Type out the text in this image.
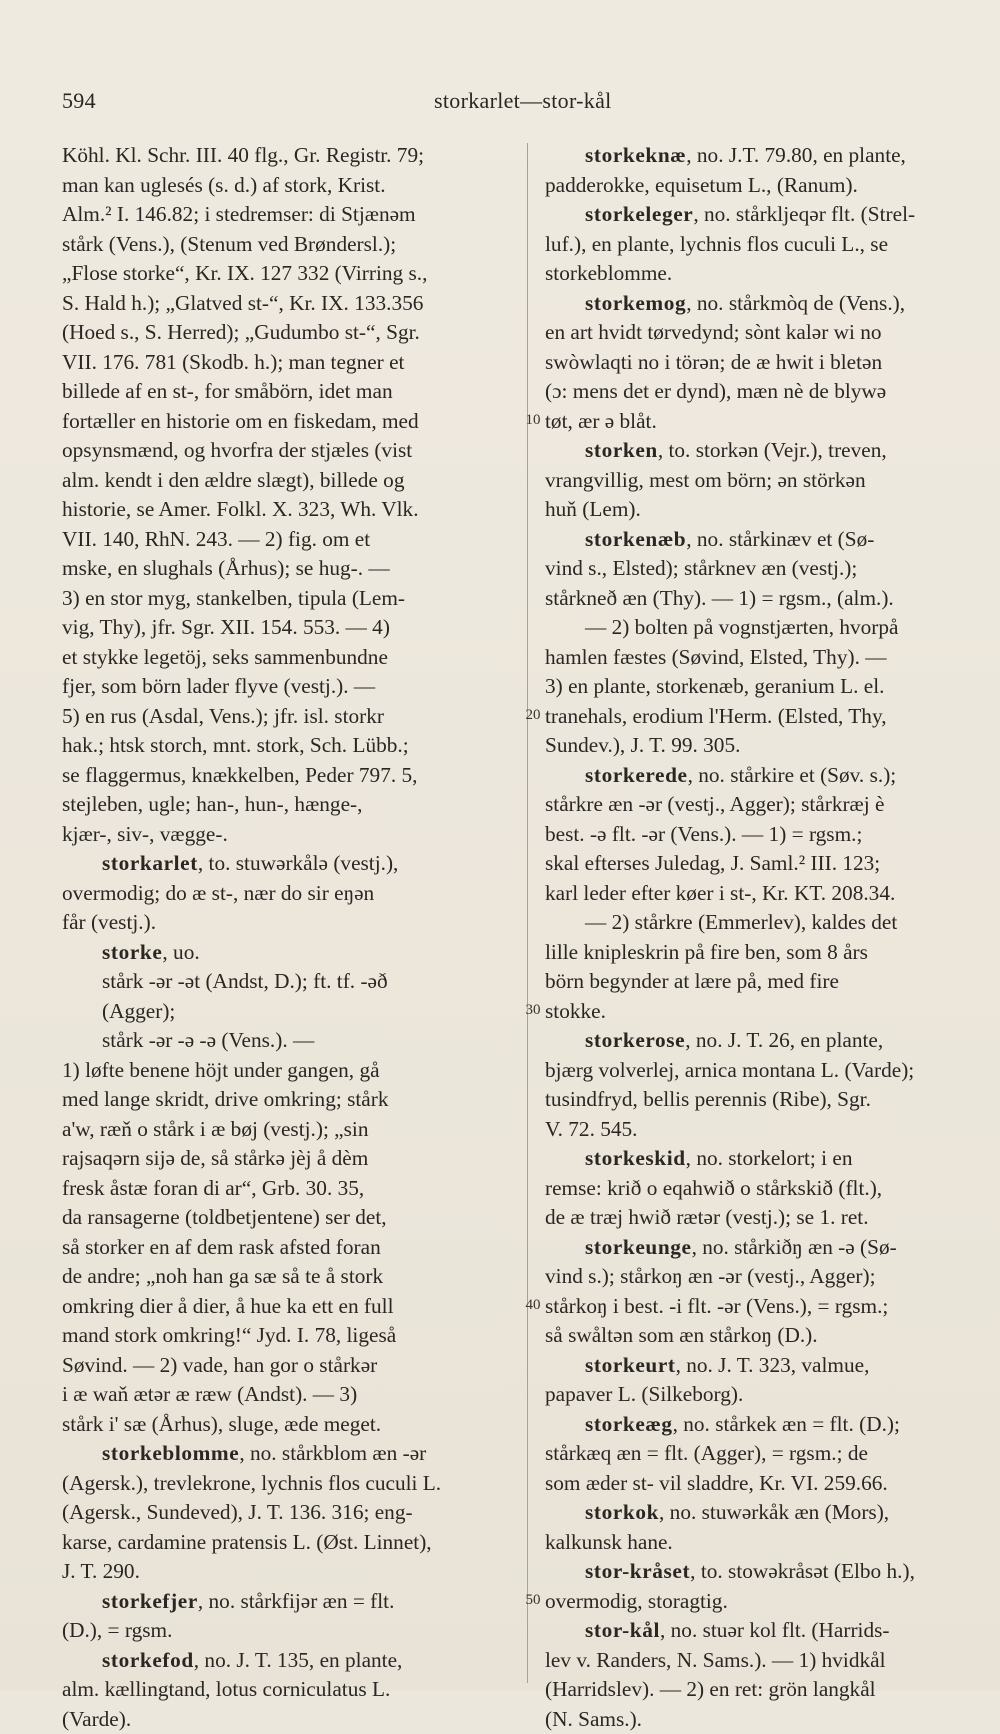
594	storkarlet—stor-kål
Köhl. Kl. Schr. III. 40 flg., Gr. Registr. 79;
man kan uglesés (s. d.) af stork, Krist.
Alm.² I. 146.82; i stedremser: di Stjænəm
stårk (Vens.), (Stenum ved Brøndersl.);
„Flose storke“, Kr. IX. 127 332 (Virring s.,
S. Hald h.); „Glatved st-“, Kr. IX. 133.356
(Hoed s., S. Herred); „Gudumbo st-“, Sgr.
VII. 176. 781 (Skodb. h.); man tegner et
billede af en st-, for småbörn, idet man
fortæller en historie om en fiskedam, med
opsynsmænd, og hvorfra der stjæles (vist
alm. kendt i den ældre slægt), billede og
historie, se Amer. Folkl. X. 323, Wh. Vlk.
VII. 140, RhN. 243. — 2) fig. om et
mske, en slughals (Århus); se hug-. —
3) en stor myg, stankelben, tipula (Lem-
vig, Thy), jfr. Sgr. XII. 154. 553. — 4)
et stykke legetöj, seks sammenbundne
fjer, som börn lader flyve (vestj.). —
5) en rus (Asdal, Vens.); jfr. isl. storkr
hak.; htsk storch, mnt. stork, Sch. Lübb.;
se flaggermus, knækkelben, Peder 797. 5,
stejleben, ugle; han-, hun-, hænge-,
kjær-, siv-, vægge-.
storkarlet, to. stuwərkålə (vestj.),
overmodig; do æ st-, nær do sir eŋən
får (vestj.).
storke, uo.
stårk -ər -ət (Andst, D.); ft. tf. -əð
(Agger);
stårk -ər -ə -ə (Vens.). —
1) løfte benene höjt under gangen, gå
med lange skridt, drive omkring; stårk
a'w, ræň o stårk i æ bøj (vestj.); „sin
rajsaqərn sijə de, så stårkə jèj å dèm
fresk åstæ foran di ar“, Grb. 30. 35,
da ransagerne (toldbetjentene) ser det,
så storker en af dem rask afsted foran
de andre; „noh han ga sæ så te å stork
omkring dier å dier, å hue ka ett en full
mand stork omkring!“ Jyd. I. 78, ligeså
Søvind. — 2) vade, han gor o stårkər
i æ waň ætər æ ræw (Andst). — 3)
stårk i' sæ (Århus), sluge, æde meget.
storkeblomme, no. stårkblom æn -ər
(Agersk.), trevlekrone, lychnis flos cuculi L.
(Agersk., Sundeved), J. T. 136. 316; eng-
karse, cardamine pratensis L. (Øst. Linnet),
J. T. 290.
storkefjer, no. stårkfijər æn = flt.
(D.), = rgsm.
storkefod, no. J. T. 135, en plante,
alm. kællingtand, lotus corniculatus L.
(Varde).
10
20
30
40
50
storkeknæ, no. J.T. 79.80, en plante,
padderokke, equisetum L., (Ranum).
storkeleger, no. stårkljeqər flt. (Strel-
luf.), en plante, lychnis flos cuculi L., se
storkeblomme.
storkemog, no. stårkmòq de (Vens.),
en art hvidt tørvedynd; sònt kalər wi no
swòwlaqti no i törən; de æ hwit i bletən
(ɔ: mens det er dynd), mæn nè de blywə
tøt, ær ə blåt.
storken, to. storkən (Vejr.), treven,
vrangvillig, mest om börn; ən störkən
huň (Lem).
storkenæb, no. stårkinæv et (Sø-
vind s., Elsted); stårknev æn (vestj.);
stårkneð æn (Thy). — 1) = rgsm., (alm.).
— 2) bolten på vognstjærten, hvorpå
hamlen fæstes (Søvind, Elsted, Thy). —
3) en plante, storkenæb, geranium L. el.
tranehals, erodium l'Herm. (Elsted, Thy,
Sundev.), J. T. 99. 305.
storkerede, no. stårkire et (Søv. s.);
stårkre æn -ər (vestj., Agger); stårkræj è
best. -ə flt. -ər (Vens.). — 1) = rgsm.;
skal efterses Juledag, J. Saml.² III. 123;
karl leder efter køer i st-, Kr. KT. 208.34.
— 2) stårkre (Emmerlev), kaldes det
lille knipleskrin på fire ben, som 8 års
börn begynder at lære på, med fire
stokke.
storkerose, no. J. T. 26, en plante,
bjærg volverlej, arnica montana L. (Varde);
tusindfryd, bellis perennis (Ribe), Sgr.
V. 72. 545.
storkeskid, no. storkelort; i en
remse: krið o eqahwið o stårkskið (flt.),
de æ træj hwið rætər (vestj.); se 1. ret.
storkeunge, no. stårkiðŋ æn -ə (Sø-
vind s.); stårkoŋ æn -ər (vestj., Agger);
stårkoŋ i best. -i flt. -ər (Vens.), = rgsm.;
så swåltən som æn stårkoŋ (D.).
storkeurt, no. J. T. 323, valmue,
papaver L. (Silkeborg).
storkeæg, no. stårkek æn = flt. (D.);
stårkæq æn = flt. (Agger), = rgsm.; de
som æder st- vil sladdre, Kr. VI. 259.66.
storkok, no. stuwərkåk æn (Mors),
kalkunsk hane.
stor-kråset, to. stowəkråsət (Elbo h.),
overmodig, storagtig.
stor-kål, no. stuər kol flt. (Harrids-
lev v. Randers, N. Sams.). — 1) hvidkål
(Harridslev). — 2) en ret: grön langkål
(N. Sams.).
